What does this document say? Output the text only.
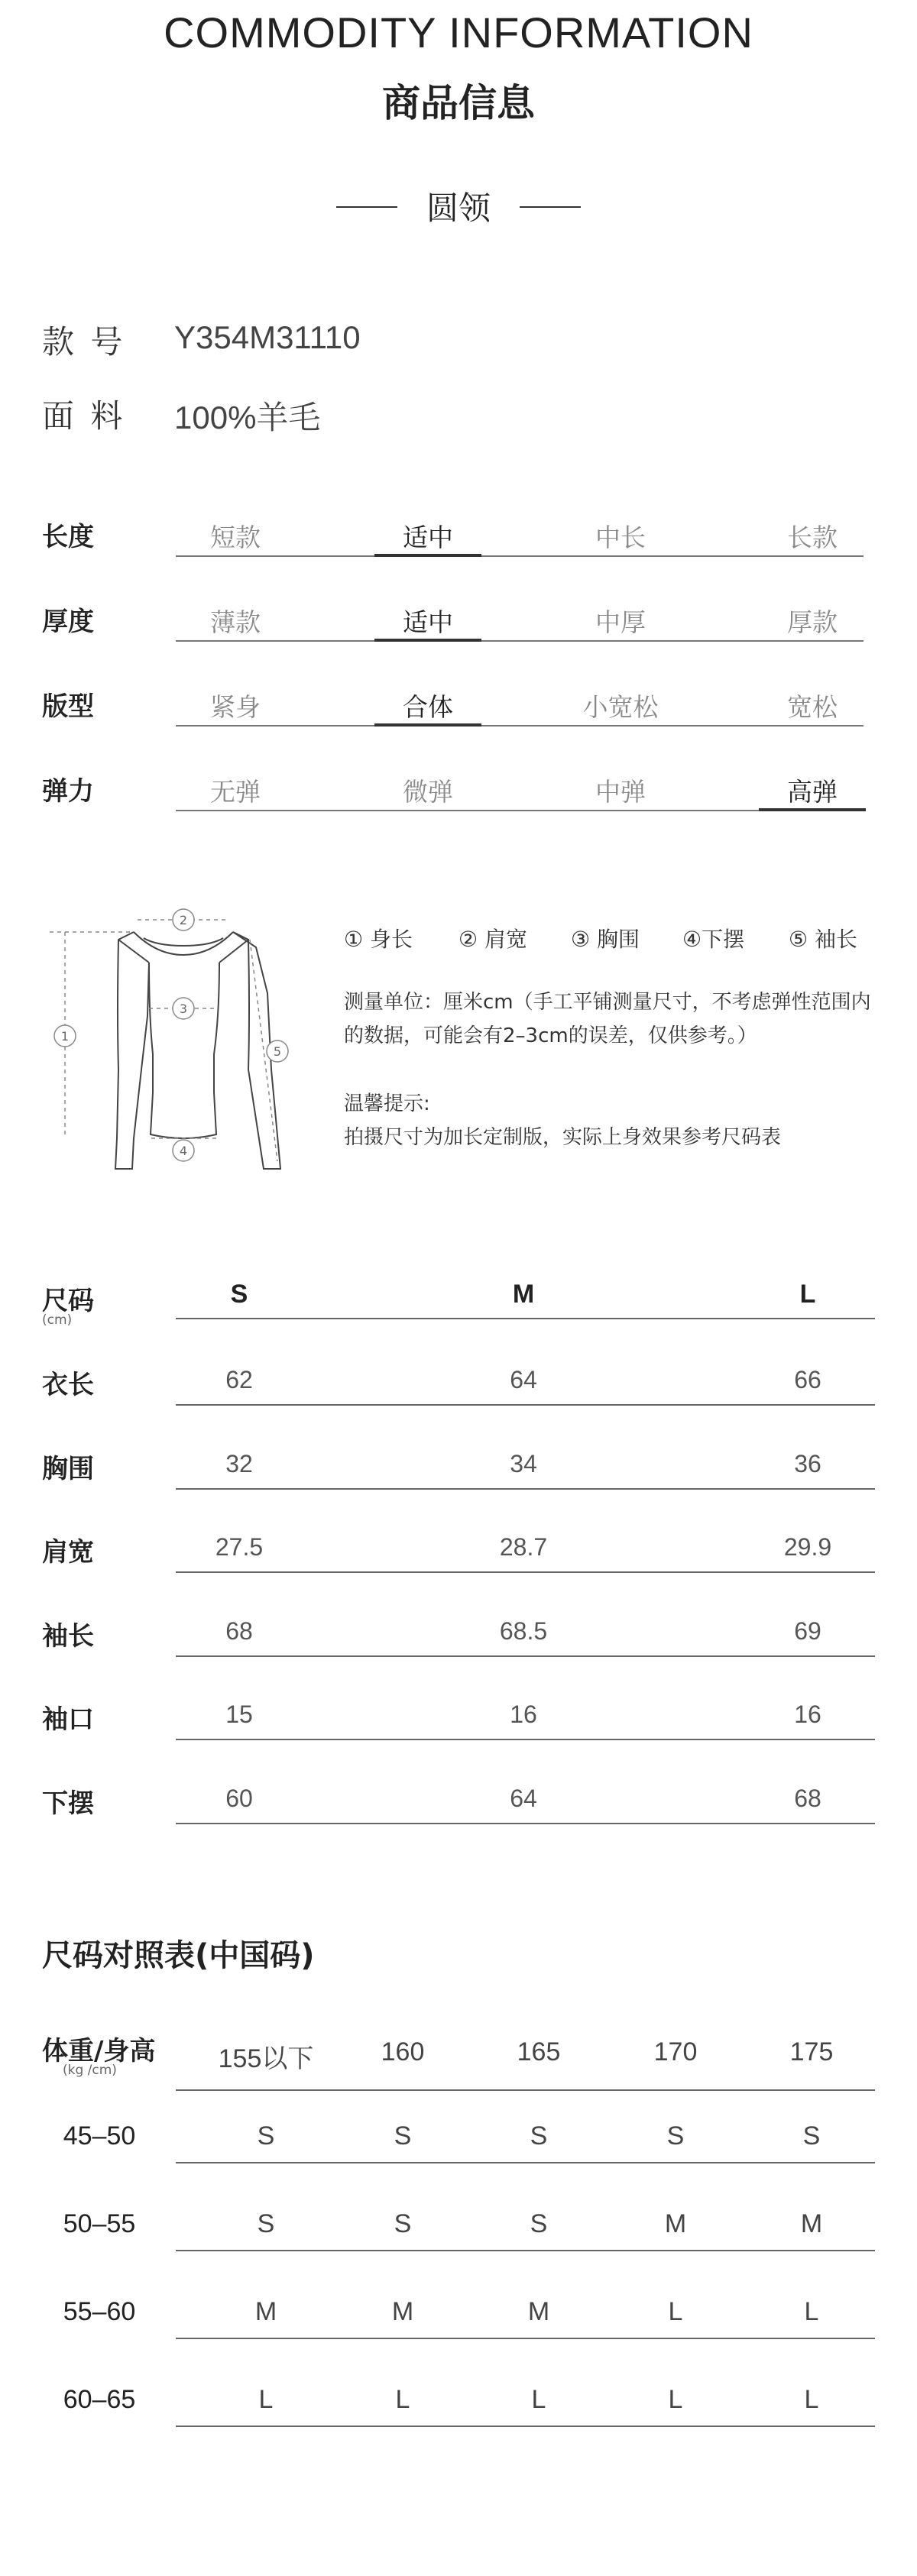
COMMODITY INFORMATION
商品信息
圆领
款 号 Y354M31110
面 料 100%羊毛
长度	短款	适中	中长	长款
厚度	薄款	适中	中厚	厚款
版型	紧身	合体	小宽松	宽松
弹力	无弹	微弹	中弹	高弹
1
2
3
4
5
① 身长 ② 肩宽 ③ 胸围 ④下摆 ⑤ 袖长
测量单位：厘米cm（手工平铺测量尺寸，不考虑弹性范围内
的数据，可能会有2–3cm的误差，仅供参考。）
温馨提示:
拍摄尺寸为加长定制版，实际上身效果参考尺码表
尺码
(cm)
S	M	L
衣长	62	64	66
胸围	32	34	36
肩宽	27.5	28.7	29.9
袖长	68	68.5	69
袖口	15	16	16
下摆	60	64	68
尺码对照表(中国码)
体重/身高
(kg /cm)	155以下	160	165	170	175
45–50	S	S	S	S	S
50–55	S	S	S	M	M
55–60	M	M	M	L	L
60–65	L	L	L	L	L
